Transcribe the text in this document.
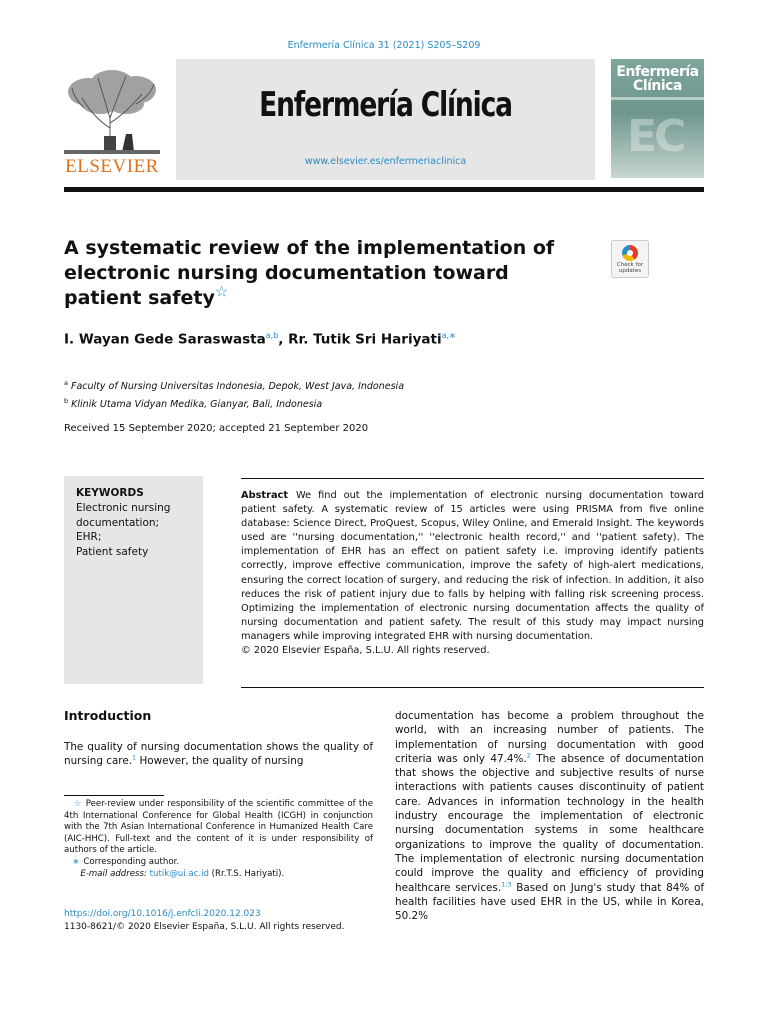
Enfermería Clínica 31 (2021) S205–S209
ELSEVIER
Enfermería Clínica
www.elsevier.es/enfermeriaclinica
Enfermería
Clínica
EC
A systematic review of the implementation of electronic nursing documentation toward patient safety☆
Check for
updates
I. Wayan Gede Saraswasta$^{a,b}$, Rr. Tutik Sri Hariyati$^{a,∗}$
$^a$ Faculty of Nursing Universitas Indonesia, Depok, West Java, Indonesia
$^b$ Klinik Utama Vidyan Medika, Gianyar, Bali, Indonesia
Received 15 September 2020; accepted 21 September 2020
KEYWORDS
Electronic nursing
documentation;
EHR;
Patient safety

Abstract We find out the implementation of electronic nursing documentation toward patient safety. A systematic review of 15 articles were using PRISMA from five online database: Science Direct, ProQuest, Scopus, Wiley Online, and Emerald Insight. The keywords used are ''nursing documentation,'' ''electronic health record,'' and ''patient safety). The implementation of EHR has an effect on patient safety i.e. improving identify patients correctly, improve effective communication, improve the safety of high-alert medications, ensuring the correct location of surgery, and reducing the risk of infection. In addition, it also reduces the risk of patient injury due to falls by helping with falling risk screening process. Optimizing the implementation of electronic nursing documentation affects the quality of nursing documentation and patient safety. The result of this study may impact nursing managers while improving integrated EHR with nursing documentation.

© 2020 Elsevier España, S.L.U. All rights reserved.

Introduction

The quality of nursing documentation shows the quality of nursing care.$^1$ However, the quality of nursing

☆ Peer-review under responsibility of the scientific committee of the 4th International Conference for Global Health (ICGH) in conjunction with the 7th Asian International Conference in Humanized Health Care (AIC-HHC). Full-text and the content of it is under responsibility of authors of the article.

∗ Corresponding author.

E-mail address: tutik@ui.ac.id (Rr.T.S. Hariyati).

https://doi.org/10.1016/j.enfcli.2020.12.023
1130-8621/© 2020 Elsevier España, S.L.U. All rights reserved.

documentation has become a problem throughout the world, with an increasing number of patients. The implementation of nursing documentation with good criteria was only 47.4%.$^2$ The absence of documentation that shows the objective and subjective results of nurse interactions with patients causes discontinuity of patient care. Advances in information technology in the health industry encourage the implementation of electronic nursing documentation systems in some healthcare organizations to improve the quality of documentation. The implementation of electronic nursing documentation could improve the quality and efficiency of providing healthcare services.$^{1,3}$ Based on Jung's study that 84% of health facilities have used EHR in the US, while in Korea, 50.2%
